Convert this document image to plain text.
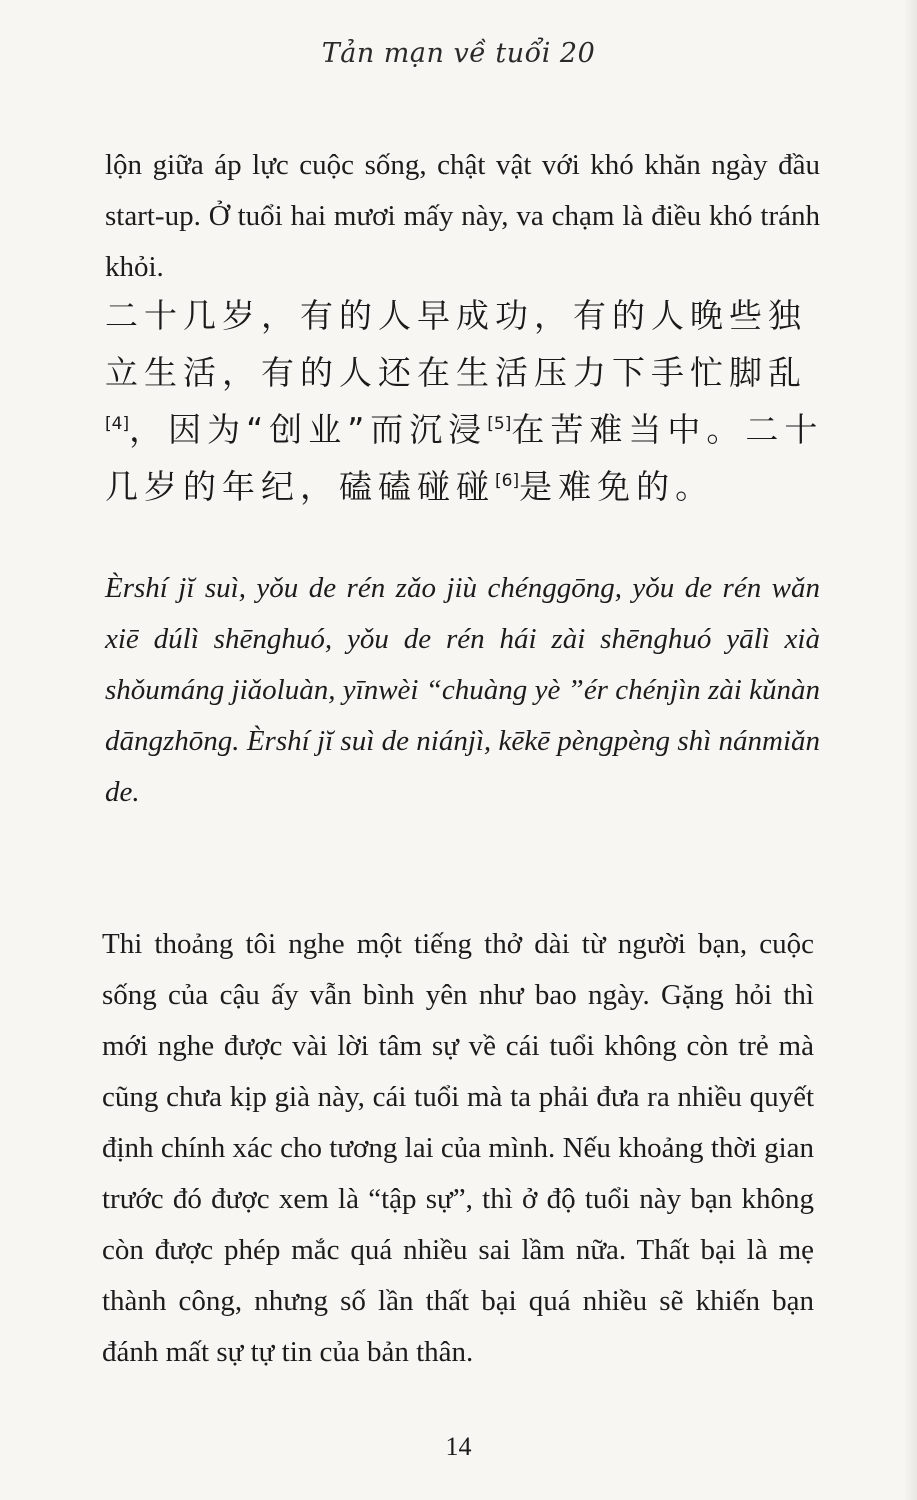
Tản mạn về tuổi 20

lộn giữa áp lực cuộc sống, chật vật với khó khăn ngày đầu start-up. Ở tuổi hai mươi mấy này, va chạm là điều khó tránh khỏi.

二十几岁，有的人早成功，有的人晚些独立生活，有的人还在生活压力下手忙脚乱[4]，因为“创业”而沉浸[5]在苦难当中。二十几岁的年纪，磕磕碰碰[6]是难免的。

Èrshí jĭ suì, yǒu de rén zǎo jiù chénggōng, yǒu de rén wǎn xiē dúlì shēnghuó, yǒu de rén hái zài shēnghuó yālì xià shǒumáng jiǎoluàn, yīnwèi “chuàng yè ”ér chénjìn zài kǔnàn dāngzhōng. Èrshí jĭ suì de niánjì, kēkē pèngpèng shì nánmiǎn de.

Thi thoảng tôi nghe một tiếng thở dài từ người bạn, cuộc sống của cậu ấy vẫn bình yên như bao ngày. Gặng hỏi thì mới nghe được vài lời tâm sự về cái tuổi không còn trẻ mà cũng chưa kịp già này, cái tuổi mà ta phải đưa ra nhiều quyết định chính xác cho tương lai của mình. Nếu khoảng thời gian trước đó được xem là “tập sự”, thì ở độ tuổi này bạn không còn được phép mắc quá nhiều sai lầm nữa. Thất bại là mẹ thành công, nhưng số lần thất bại quá nhiều sẽ khiến bạn đánh mất sự tự tin của bản thân.

14
